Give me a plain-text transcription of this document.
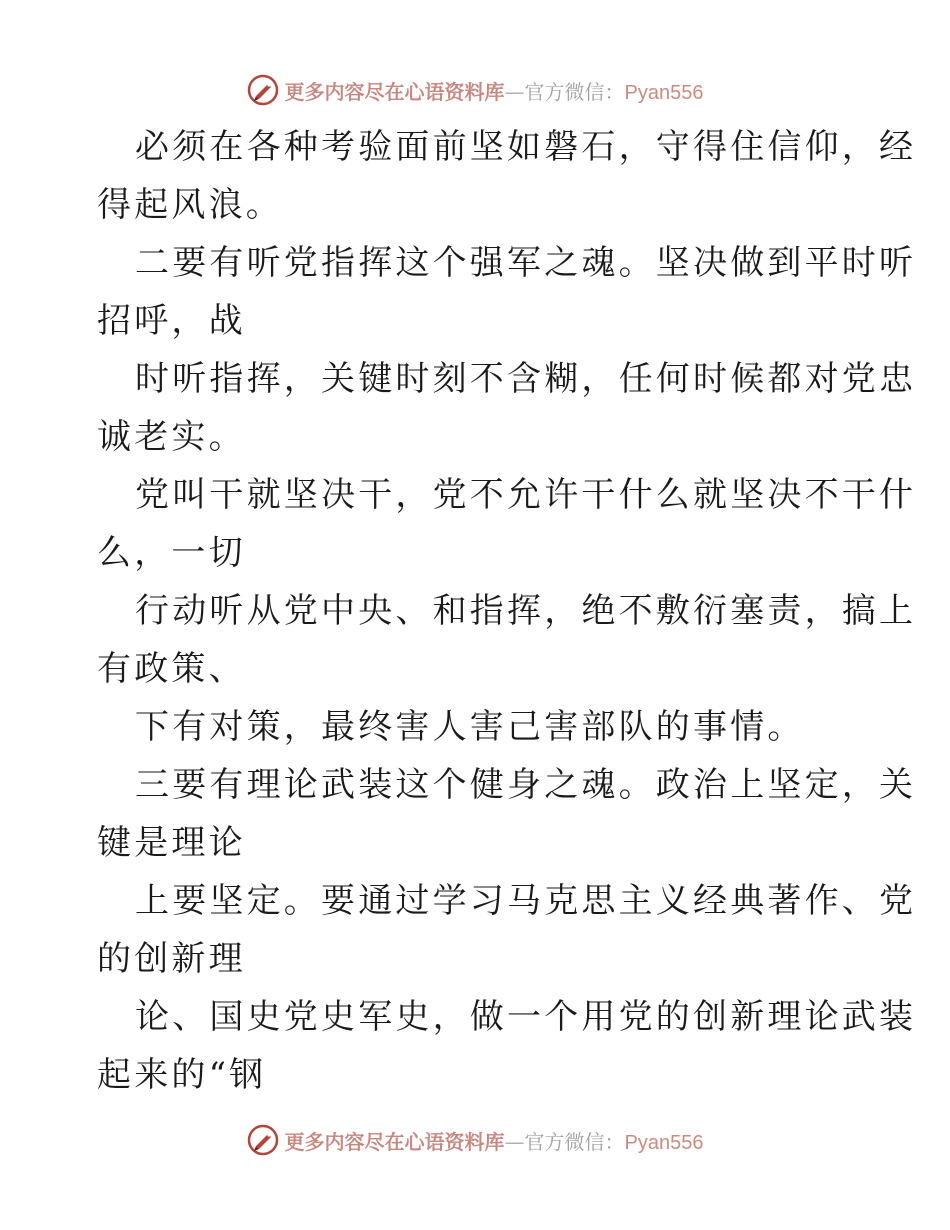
更多内容尽在心语资料库 — 官方微信： Pyan556
必须在各种考验面前坚如磐石，守得住信仰，经
得起风浪。
二要有听党指挥这个强军之魂。坚决做到平时听
招呼，战
时听指挥，关键时刻不含糊，任何时候都对党忠
诚老实。
党叫干就坚决干，党不允许干什么就坚决不干什
么，一切
行动听从党中央、和指挥，绝不敷衍塞责，搞上
有政策、
下有对策，最终害人害己害部队的事情。
三要有理论武装这个健身之魂。政治上坚定，关
键是理论
上要坚定。要通过学习马克思主义经典著作、党
的创新理
论、国史党史军史，做一个用党的创新理论武装
起来的“钢
更多内容尽在心语资料库 — 官方微信： Pyan556
